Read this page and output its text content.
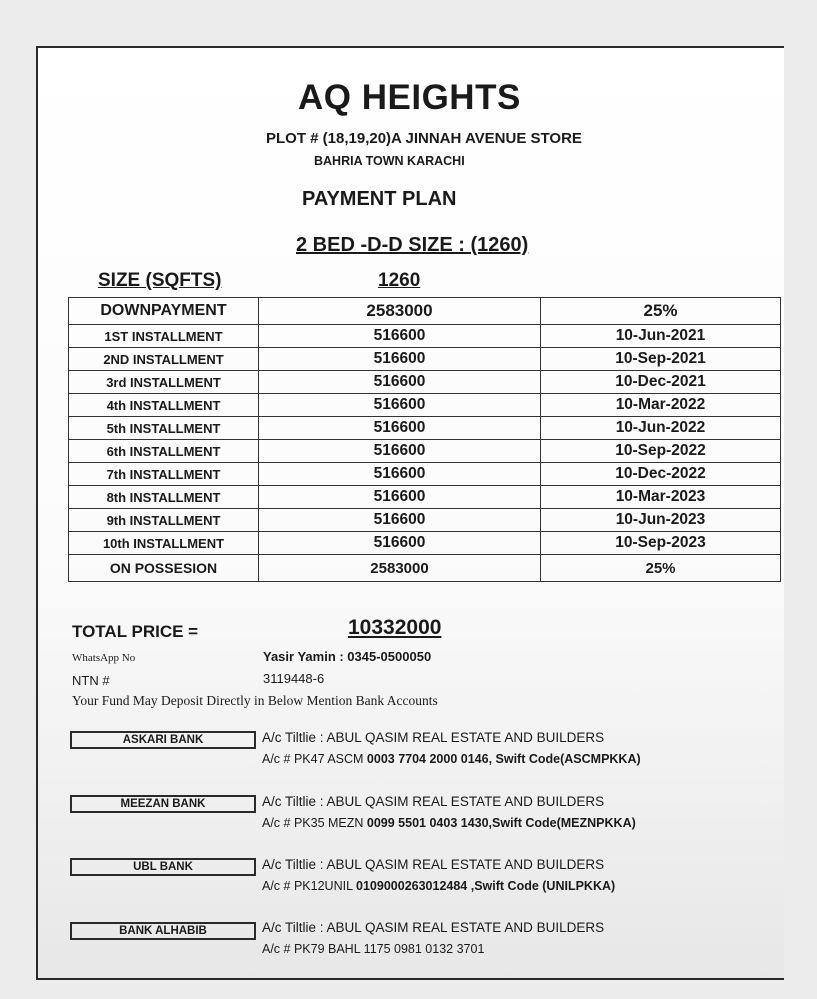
AQ HEIGHTS
PLOT # (18,19,20)A JINNAH AVENUE STORE
BAHRIA TOWN KARACHI
PAYMENT PLAN
2 BED -D-D SIZE : (1260)
SIZE (SQFTS)	1260
DOWNPAYMENT	2583000	25%
1ST INSTALLMENT	516600	10-Jun-2021
2ND INSTALLMENT	516600	10-Sep-2021
3rd INSTALLMENT	516600	10-Dec-2021
4th INSTALLMENT	516600	10-Mar-2022
5th INSTALLMENT	516600	10-Jun-2022
6th INSTALLMENT	516600	10-Sep-2022
7th INSTALLMENT	516600	10-Dec-2022
8th INSTALLMENT	516600	10-Mar-2023
9th INSTALLMENT	516600	10-Jun-2023
10th INSTALLMENT	516600	10-Sep-2023
ON POSSESION	2583000	25%
TOTAL PRICE =	10332000
WhatsApp No	Yasir Yamin : 0345-0500050
NTN #	3119448-6
Your Fund May Deposit Directly in Below Mention Bank Accounts
ASKARI BANK	A/c Tiltlie : ABUL QASIM REAL ESTATE AND BUILDERS
A/c # PK47 ASCM 0003 7704 2000 0146, Swift Code(ASCMPKKA)
MEEZAN BANK	A/c Tiltlie : ABUL QASIM REAL ESTATE AND BUILDERS
A/c # PK35 MEZN 0099 5501 0403 1430,Swift Code(MEZNPKKA)
UBL BANK	A/c Tiltlie : ABUL QASIM REAL ESTATE AND BUILDERS
A/c # PK12UNIL 0109000263012484 ,Swift Code (UNILPKKA)
BANK ALHABIB	A/c Tiltlie : ABUL QASIM REAL ESTATE AND BUILDERS
A/c # PK79 BAHL 1175 0981 0132 3701
